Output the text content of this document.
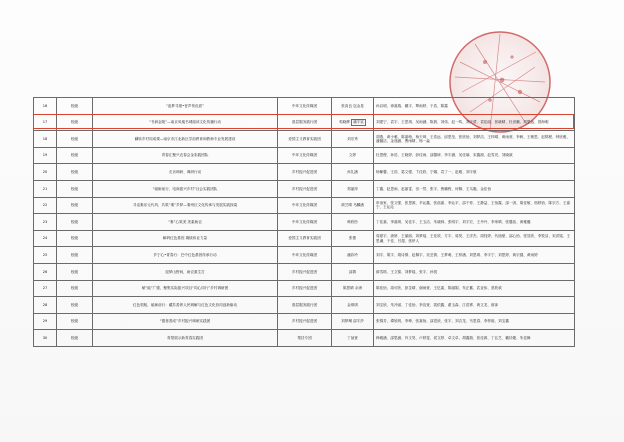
16	校级	“追梦寻援•晋声传优质”	中环文化传媒团	张高良 包金星	孙启明、徐嘉瑞、戴宇、覃雨婷、于浩、陈露
17	校级	“书润金陵”—南京凤凰书城阅读文化传播行动	基层服务践行团	郭晓辉 潘宇宸	刘建宁、袁宇、王思琪、吴雨涵、陈晨、刘伟、赵一鸣、刘天骄、袁佳丽、张晓晴、杜世鹏、周思远、曾海明
18	校级	翻转乡村同成课—南京市江北新区学前教育和教师专业发展建设	爱国主义教育实践团	刘宗秀	胡燕、黄小雅、陈嘉萌、杨天琦、王浩远、邱思莹、张欣怡、刘梦洁、王梓晴、黄雨萱、李帆、王敏思、赵锦程、钟欣雅、潘璐洁、金逸涵、曹雨晴、杨一淼
19	校级	青春汇聚兴农春会金彩践团队	中环文化传媒团	文婷	杜思俊、孙语、王晓婷、彭佳雨、邵馨研、李宇涵、吴佳瑜、宋鑫源、赵雪亮、刘晓斌
20	校级	走访调研、调研行动	乡村振兴促进团	孙礼涵	杨紫馨、王浩、葛文强、卞佳欣、宁娜、袁丁一、赵雅、刘宇航
21	校级	“砥砺前行，电商振兴乡村”社会实践团队	乡村振兴促进团	郑丽萍	丁鑫、赵思雨、赵丽雯、田一然、张宇、鲁鹏程、何佩、王乌脆、金佳怡
22	校级	寻觅秦乐元代风、共筑“秦”乡梦—秦州区文化传承与发展实践探索	中环文化传媒团	颜芝晴 马麟涵	申治家、张文强、张思源、辛沁鑫、张蓓嘉、李沁平、邵于菲、王静益、王怡露、邵一淇、胡佳敏、邢婷怡、陈宗方、王嘉宁、王沁沁
23	校级	“秦”心筑美 美素助农	中环文化传媒团	韩欣彤	丁佳嘉、李嘉琪、吴佳宇、王玉洁、朱晓林、张明宇、刘宇宏、王丹丹、李家晴、张馨蕊、黄雅璐
24	校级	解码红色基因 赓续伟业力量	爱国主义教育实践团	张蕾	周夏宇、唐妍、王丽丽、刘梦瑶、王佳欣、方宇、周昊、王洋杰、周钰婷、代迪豪、邵心怡、张昱欣、李牧洁、宋洪铭、王思谦、于佳、吕超、张伊人
25	校级	乡宁心•青春行：巴中红色基因传承行动	中环文化传媒团	潘彩玲	刘宇、胡宇、胡诗倩、赵佩宇、吴芸倩、王梦萌、王梓涵、刘思琪、李宇宁、刘思婷、黄宗健、黄雨婷
26	校级	迎梦山野间，助农重生打	乡村振兴促进团	邵倩	薛雪琪、王文锦、刘梦瑶、张宇、孙悦
27	校级	赋“能”广德，聚集实际振兴项目“同心同行”乡村调研团	乡村振兴促进团	陈思晴 余涛	陈佳怡、周可欣、彭芷晴、谢雨萱、王忆素、陈丽娟、朱正蓄、武亚伟、蔡欣欢
28	校级	红色领航，砥砺前行：藏苏善养人民调解与红色文化协同创新驱动	基层服务践行团	金琪琪	刘宝欣、朱冷丽、丁佳怡、李宣萱、裴依鑫、翟玉森、江语霏、黄文龙、薛沫
29	校级	“德者善成”乡村振兴调研实践团	乡村振兴促进团	刘梦琳 邵宇莎	张锦芳、谭欣玥、李坤、张嘉怡、邵语欣、张宇、刘吉龙、马思春、李梓晗、刘宝鑫
30	校级	青蒙展示新青春实践团	帮扶专团	丁祯萱	韩雅涵、邵思涵、肖文昊、卢婷雯、侯文婷、卓文卓、胡鑫瑞、张佳源、丁弘芝、戴钤婕、朱佳舞
